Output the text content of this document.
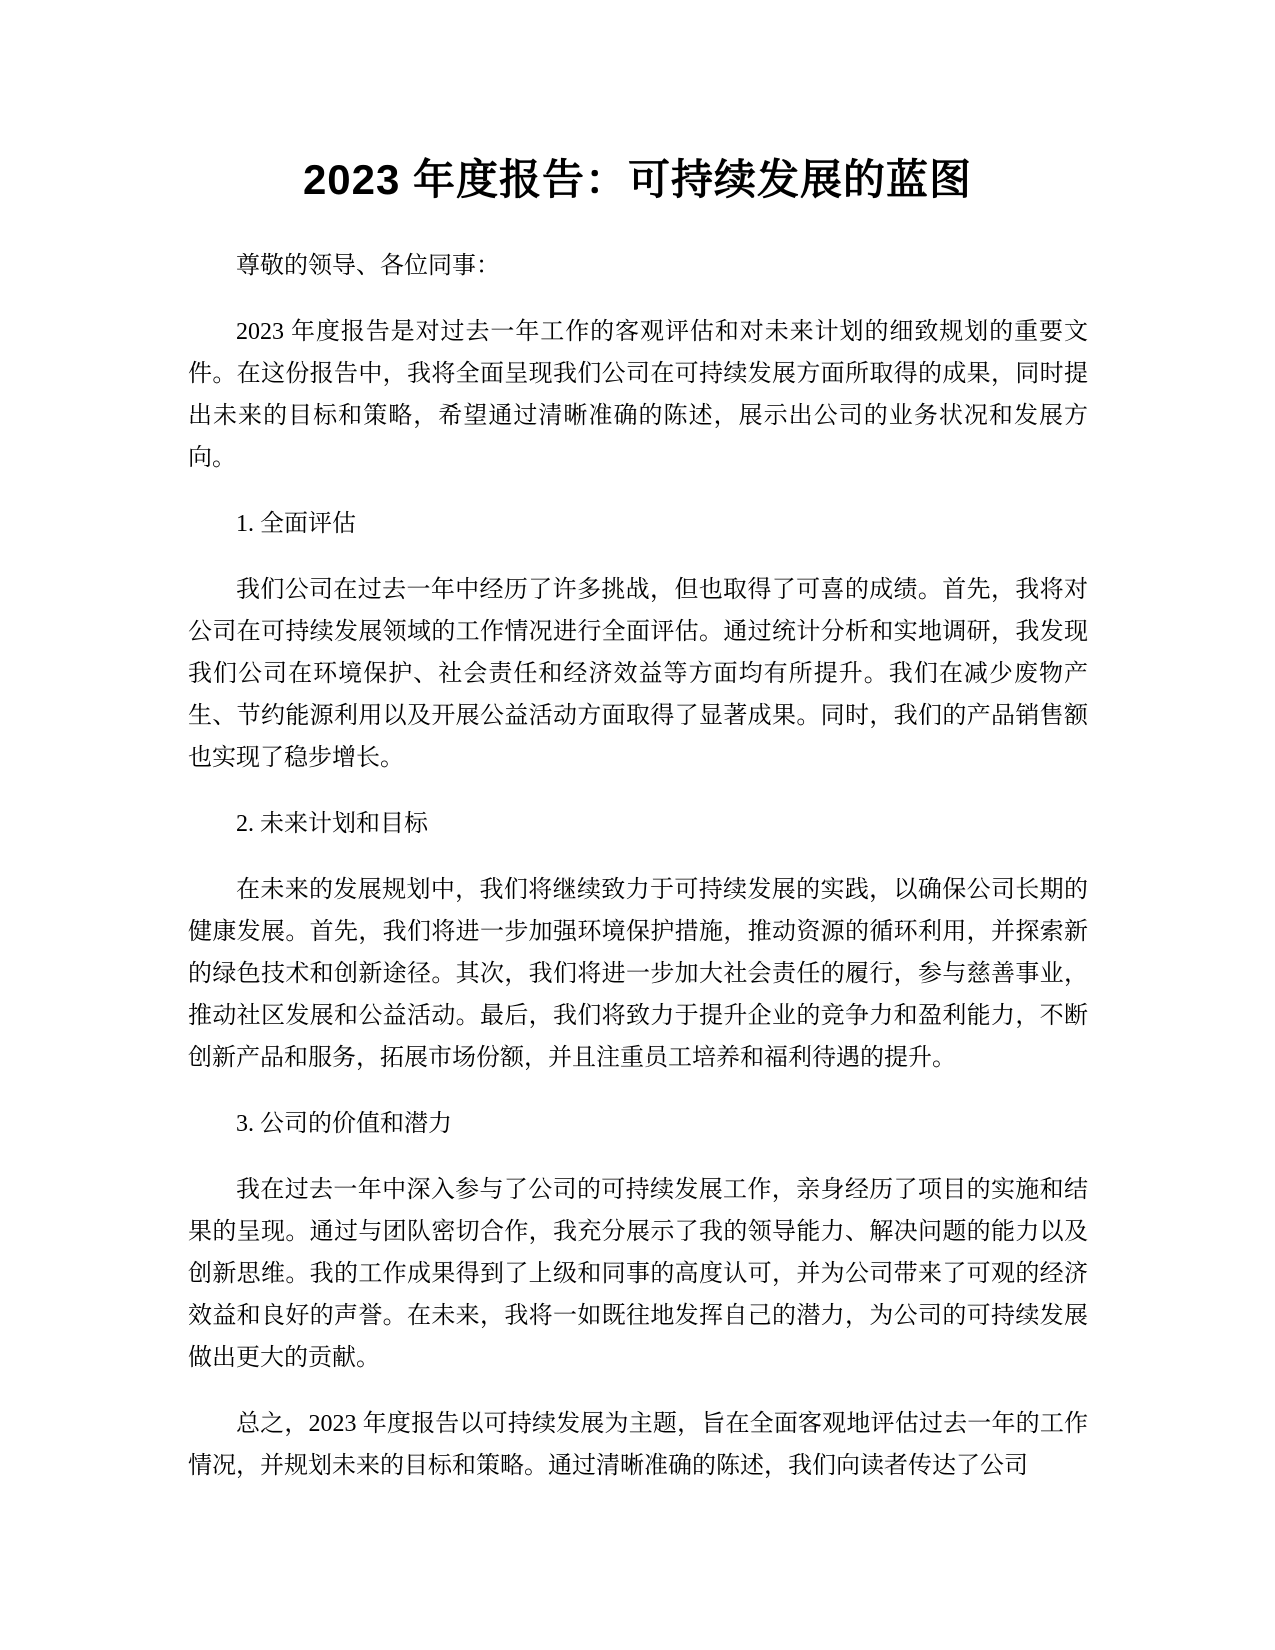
2023 年度报告：可持续发展的蓝图

尊敬的领导、各位同事：

2023 年度报告是对过去一年工作的客观评估和对未来计划的细致规划的重要文件。在这份报告中，我将全面呈现我们公司在可持续发展方面所取得的成果，同时提出未来的目标和策略，希望通过清晰准确的陈述，展示出公司的业务状况和发展方向。

1. 全面评估

我们公司在过去一年中经历了许多挑战，但也取得了可喜的成绩。首先，我将对公司在可持续发展领域的工作情况进行全面评估。通过统计分析和实地调研，我发现我们公司在环境保护、社会责任和经济效益等方面均有所提升。我们在减少废物产生、节约能源利用以及开展公益活动方面取得了显著成果。同时，我们的产品销售额也实现了稳步增长。

2. 未来计划和目标

在未来的发展规划中，我们将继续致力于可持续发展的实践，以确保公司长期的健康发展。首先，我们将进一步加强环境保护措施，推动资源的循环利用，并探索新的绿色技术和创新途径。其次，我们将进一步加大社会责任的履行，参与慈善事业，推动社区发展和公益活动。最后，我们将致力于提升企业的竞争力和盈利能力，不断创新产品和服务，拓展市场份额，并且注重员工培养和福利待遇的提升。

3. 公司的价值和潜力

我在过去一年中深入参与了公司的可持续发展工作，亲身经历了项目的实施和结果的呈现。通过与团队密切合作，我充分展示了我的领导能力、解决问题的能力以及创新思维。我的工作成果得到了上级和同事的高度认可，并为公司带来了可观的经济效益和良好的声誉。在未来，我将一如既往地发挥自己的潜力，为公司的可持续发展做出更大的贡献。

总之，2023 年度报告以可持续发展为主题，旨在全面客观地评估过去一年的工作情况，并规划未来的目标和策略。通过清晰准确的陈述，我们向读者传达了公司
